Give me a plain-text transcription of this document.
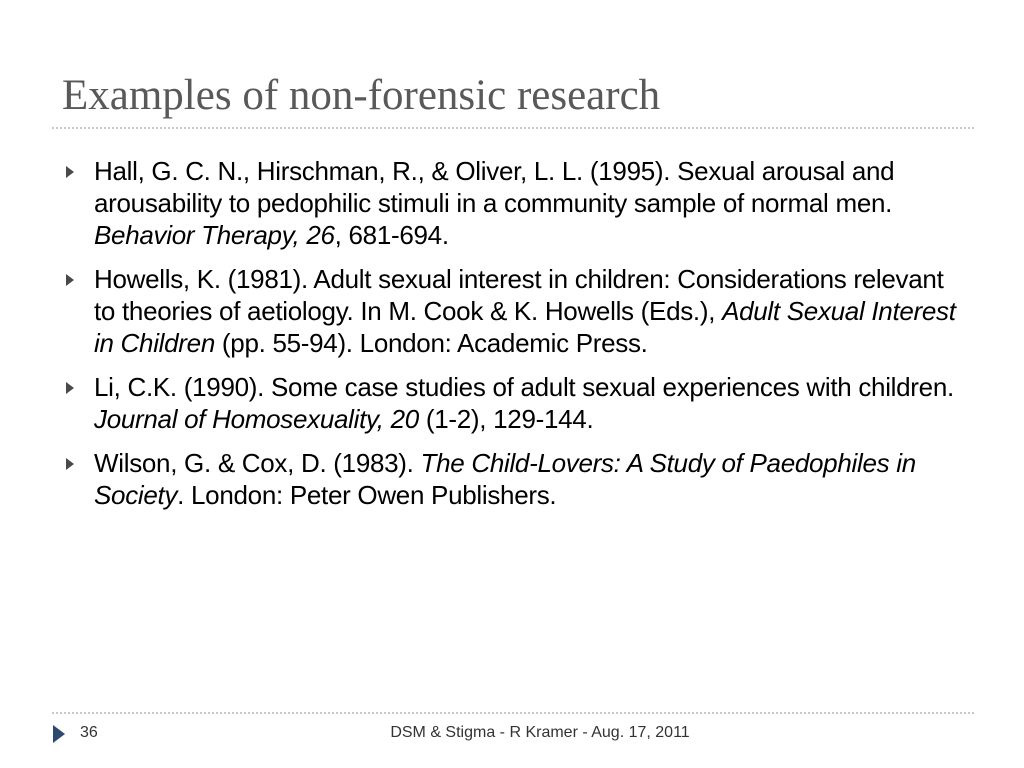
Examples of non-forensic research
Hall, G. C. N., Hirschman, R., & Oliver, L. L. (1995). Sexual arousal and arousability to pedophilic stimuli in a community sample of normal men. Behavior Therapy, 26, 681-694.
Howells, K. (1981). Adult sexual interest in children: Considerations relevant to theories of aetiology. In M. Cook & K. Howells (Eds.), Adult Sexual Interest in Children (pp. 55-94). London: Academic Press.
Li, C.K. (1990). Some case studies of adult sexual experiences with children. Journal of Homosexuality, 20 (1-2), 129-144.
Wilson, G. & Cox, D. (1983). The Child-Lovers: A Study of Paedophiles in Society. London: Peter Owen Publishers.
36	DSM & Stigma - R Kramer - Aug. 17, 2011
